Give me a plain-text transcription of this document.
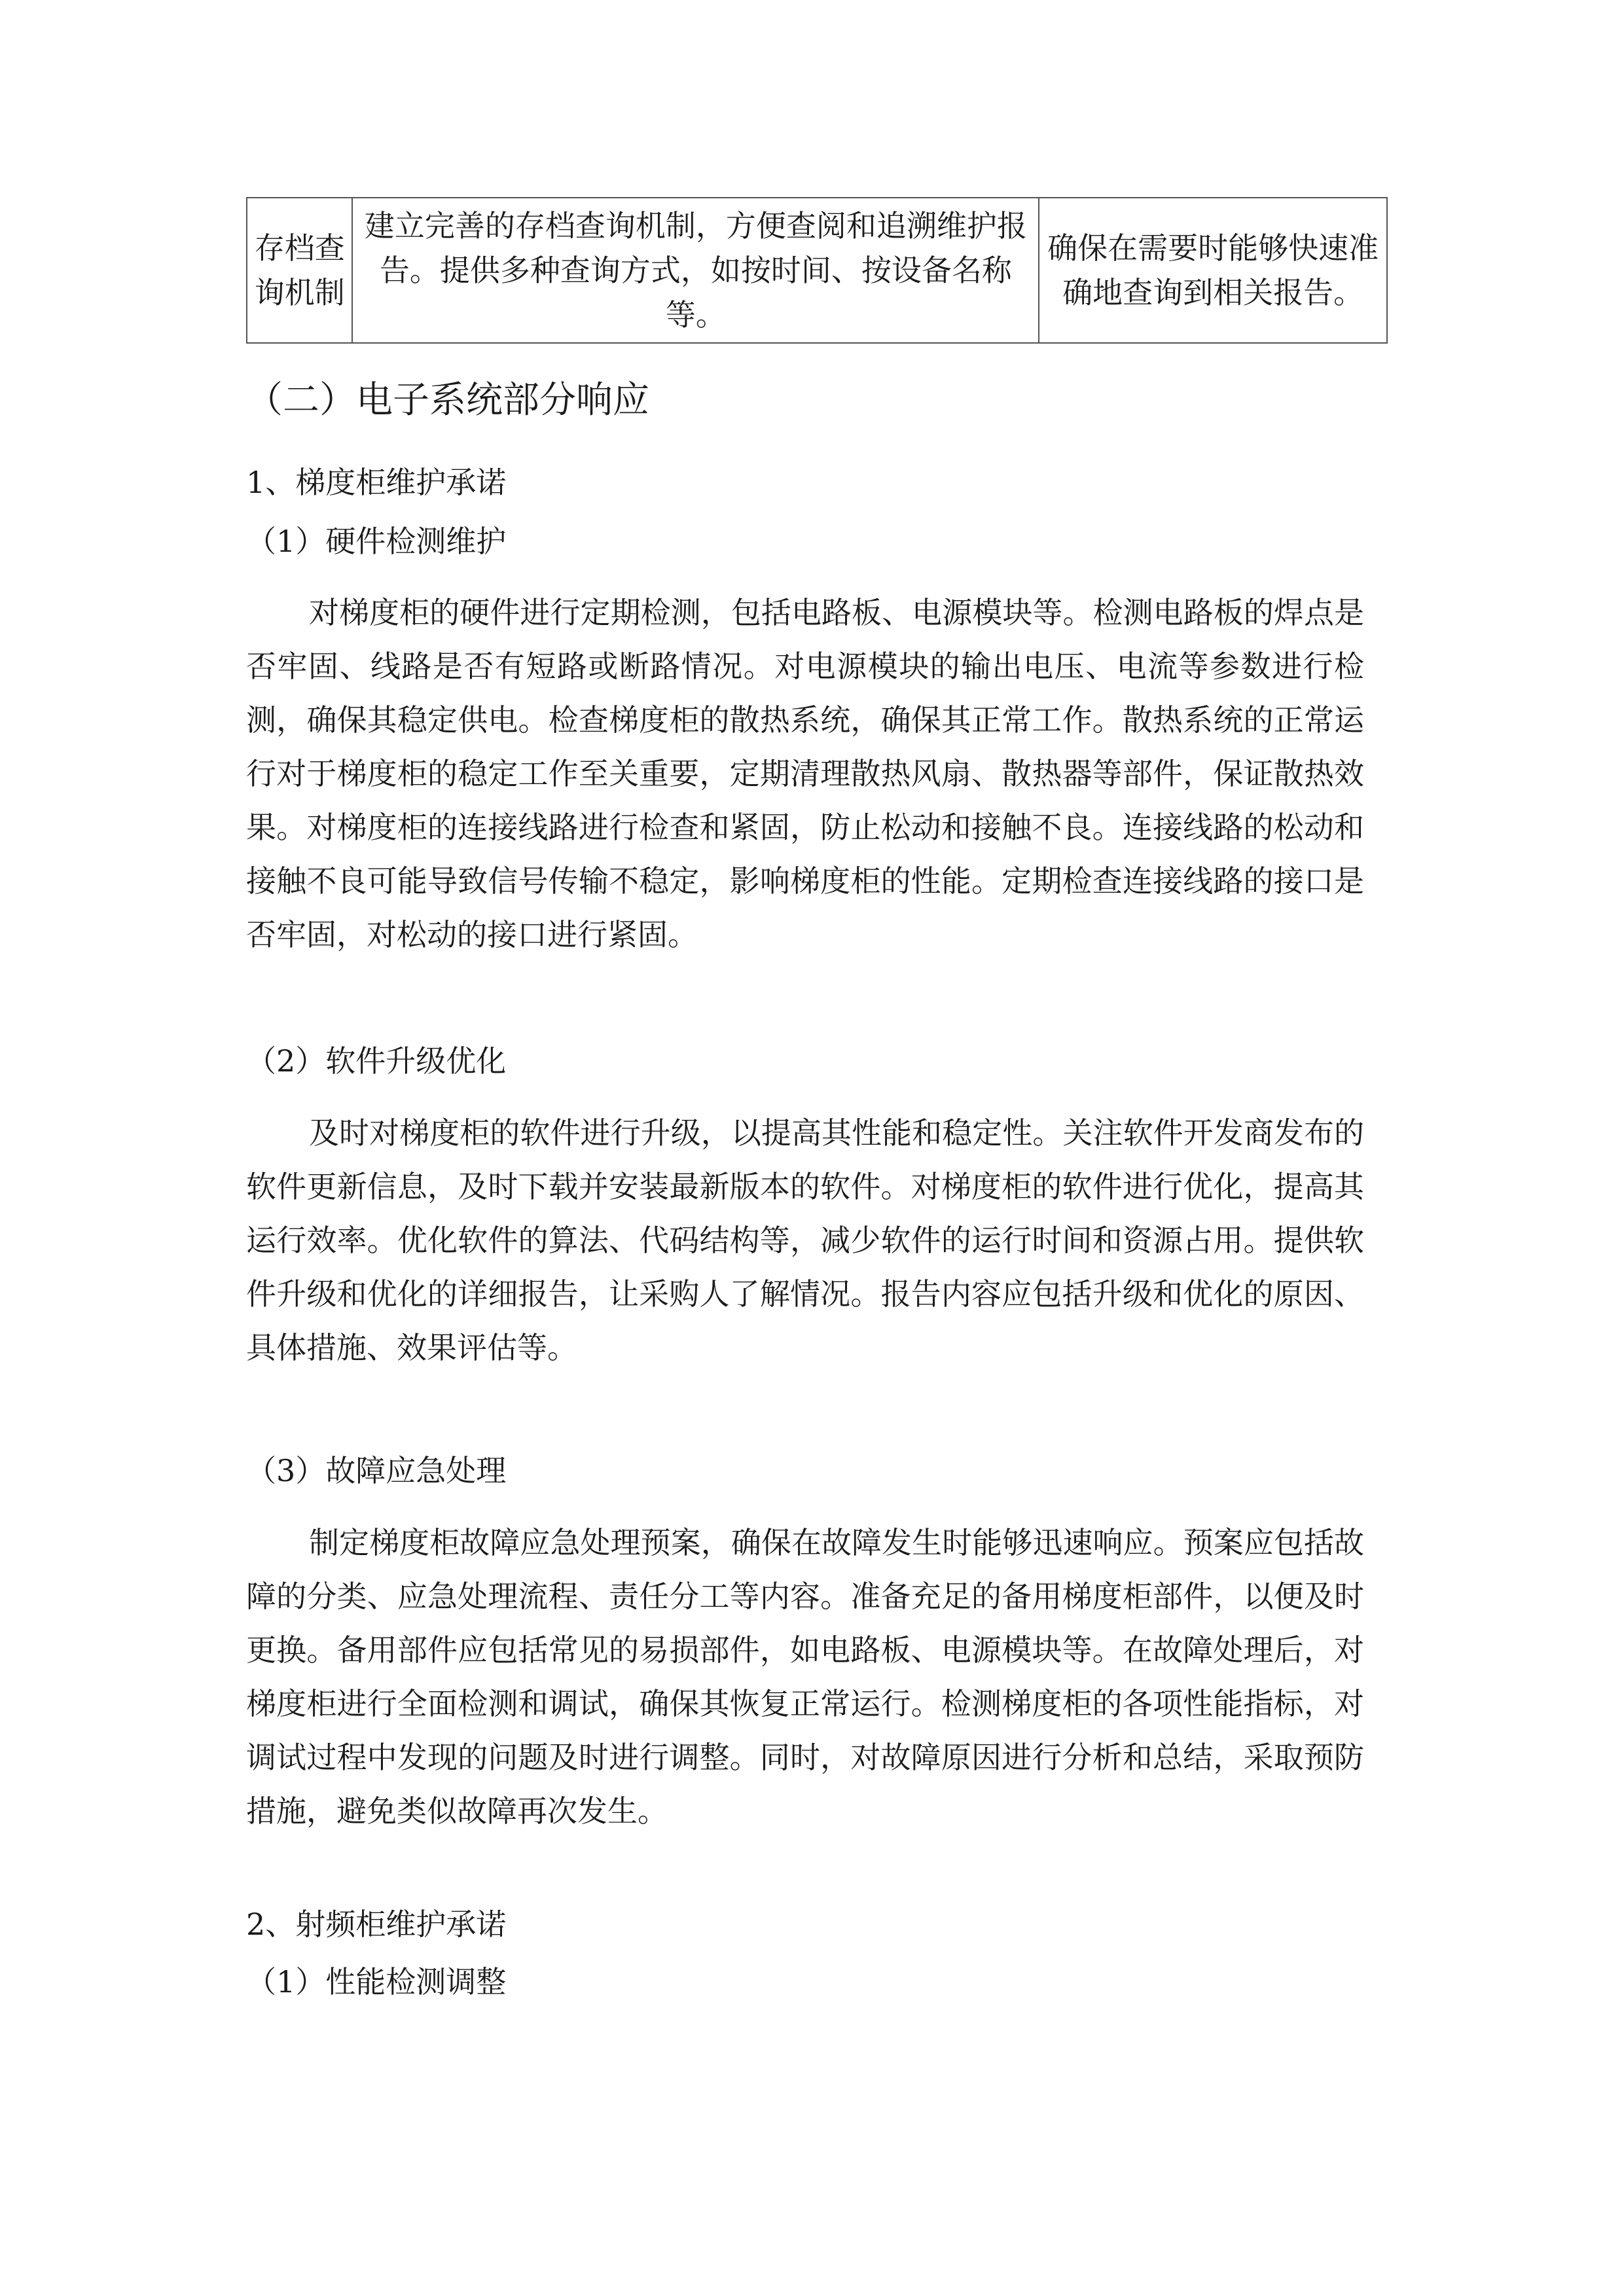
存档查询机制	建立完善的存档查询机制，方便查阅和追溯维护报告。提供多种查询方式，如按时间、按设备名称等。	确保在需要时能够快速准确地查询到相关报告。
（二）电子系统部分响应
1、梯度柜维护承诺
（1）硬件检测维护

对梯度柜的硬件进行定期检测，包括电路板、电源模块等。检测电路板的焊点是否牢固、线路是否有短路或断路情况。对电源模块的输出电压、电流等参数进行检测，确保其稳定供电。检查梯度柜的散热系统，确保其正常工作。散热系统的正常运行对于梯度柜的稳定工作至关重要，定期清理散热风扇、散热器等部件，保证散热效果。对梯度柜的连接线路进行检查和紧固，防止松动和接触不良。连接线路的松动和接触不良可能导致信号传输不稳定，影响梯度柜的性能。定期检查连接线路的接口是否牢固，对松动的接口进行紧固。

（2）软件升级优化

及时对梯度柜的软件进行升级，以提高其性能和稳定性。关注软件开发商发布的软件更新信息，及时下载并安装最新版本的软件。对梯度柜的软件进行优化，提高其运行效率。优化软件的算法、代码结构等，减少软件的运行时间和资源占用。提供软件升级和优化的详细报告，让采购人了解情况。报告内容应包括升级和优化的原因、具体措施、效果评估等。

（3）故障应急处理

制定梯度柜故障应急处理预案，确保在故障发生时能够迅速响应。预案应包括故障的分类、应急处理流程、责任分工等内容。准备充足的备用梯度柜部件，以便及时更换。备用部件应包括常见的易损部件，如电路板、电源模块等。在故障处理后，对梯度柜进行全面检测和调试，确保其恢复正常运行。检测梯度柜的各项性能指标，对调试过程中发现的问题及时进行调整。同时，对故障原因进行分析和总结，采取预防措施，避免类似故障再次发生。

2、射频柜维护承诺
（1）性能检测调整
